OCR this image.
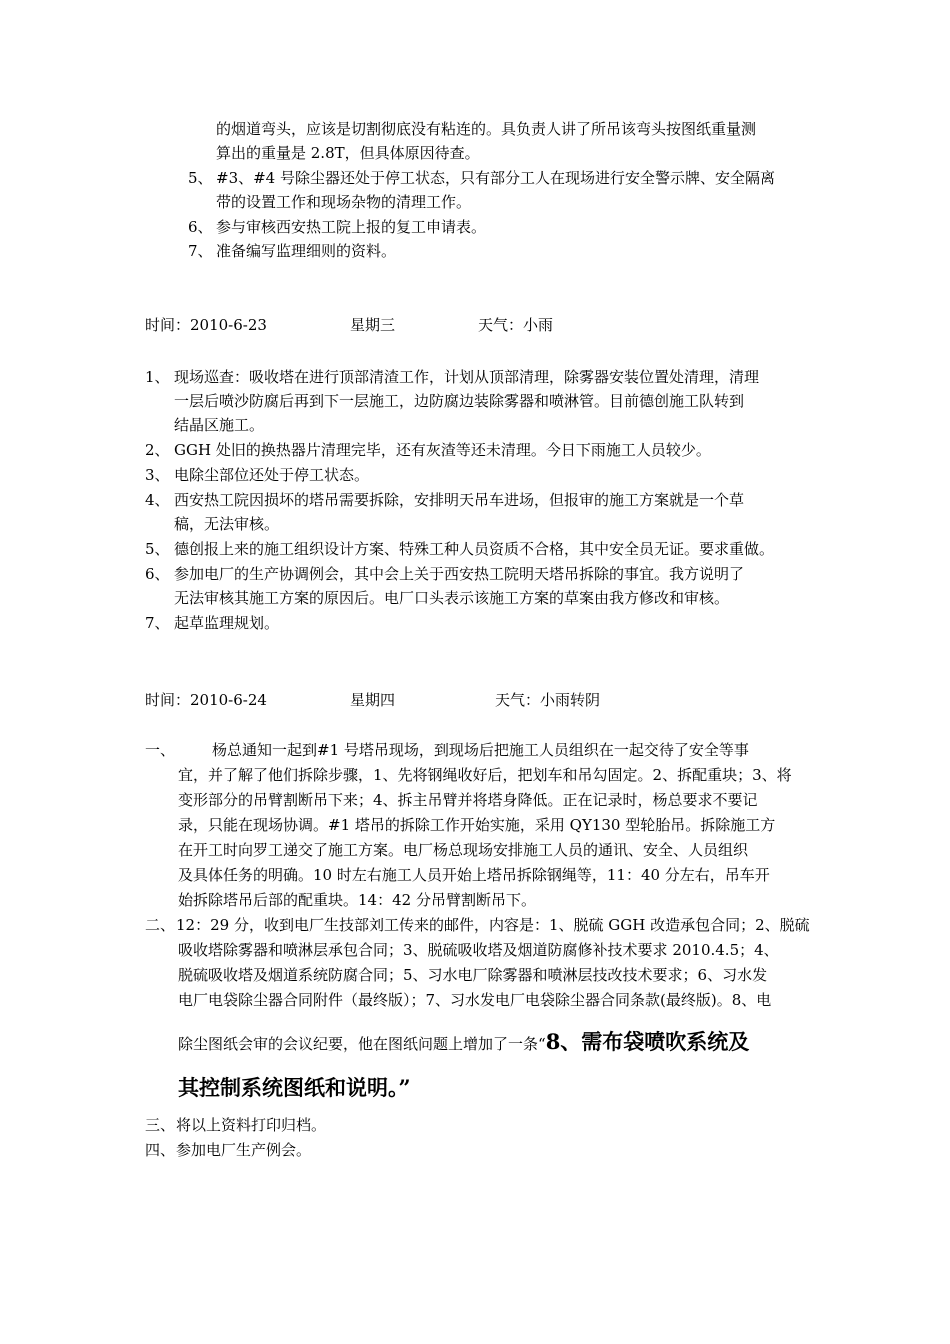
的烟道弯头，应该是切割彻底没有粘连的。具负责人讲了所吊该弯头按图纸重量测
算出的重量是 2.8T，但具体原因待查。
5、 #3、#4 号除尘器还处于停工状态，只有部分工人在现场进行安全警示牌、安全隔离
带的设置工作和现场杂物的清理工作。
6、 参与审核西安热工院上报的复工申请表。
7、 准备编写监理细则的资料。
时间：2010-6-23	星期三	天气：小雨
1、 现场巡查：吸收塔在进行顶部清渣工作，计划从顶部清理，除雾器安装位置处清理，清理
一层后喷沙防腐后再到下一层施工，边防腐边装除雾器和喷淋管。目前德创施工队转到
结晶区施工。
2、 GGH 处旧的换热器片清理完毕，还有灰渣等还未清理。今日下雨施工人员较少。
3、 电除尘部位还处于停工状态。
4、 西安热工院因损坏的塔吊需要拆除，安排明天吊车进场，但报审的施工方案就是一个草
稿，无法审核。
5、 德创报上来的施工组织设计方案、特殊工种人员资质不合格，其中安全员无证。要求重做。
6、 参加电厂的生产协调例会，其中会上关于西安热工院明天塔吊拆除的事宜。我方说明了
无法审核其施工方案的原因后。电厂口头表示该施工方案的草案由我方修改和审核。
7、 起草监理规划。
时间：2010-6-24	星期四	天气：小雨转阴
一、 杨总通知一起到#1 号塔吊现场，到现场后把施工人员组织在一起交待了安全等事
宜，并了解了他们拆除步骤，1、先将钢绳收好后，把划车和吊勾固定。2、拆配重块；3、将
变形部分的吊臂割断吊下来；4、拆主吊臂并将塔身降低。正在记录时，杨总要求不要记
录，只能在现场协调。#1 塔吊的拆除工作开始实施，采用 QY130 型轮胎吊。拆除施工方
在开工时向罗工递交了施工方案。电厂杨总现场安排施工人员的通讯、安全、人员组织
及具体任务的明确。10 时左右施工人员开始上塔吊拆除钢绳等，11：40 分左右，吊车开
始拆除塔吊后部的配重块。14：42 分吊臂割断吊下。
二、 12：29 分，收到电厂生技部刘工传来的邮件，内容是：1、脱硫 GGH 改造承包合同；2、脱硫
吸收塔除雾器和喷淋层承包合同；3、脱硫吸收塔及烟道防腐修补技术要求 2010.4.5；4、
脱硫吸收塔及烟道系统防腐合同；5、习水电厂除雾器和喷淋层技改技术要求；6、习水发
电厂电袋除尘器合同附件（最终版）；7、习水发电厂电袋除尘器合同条款(最终版)。8、电
除尘图纸会审的会议纪要，他在图纸问题上增加了一条“8、需布袋喷吹系统及
其控制系统图纸和说明。”
三、 将以上资料打印归档。
四、 参加电厂生产例会。
